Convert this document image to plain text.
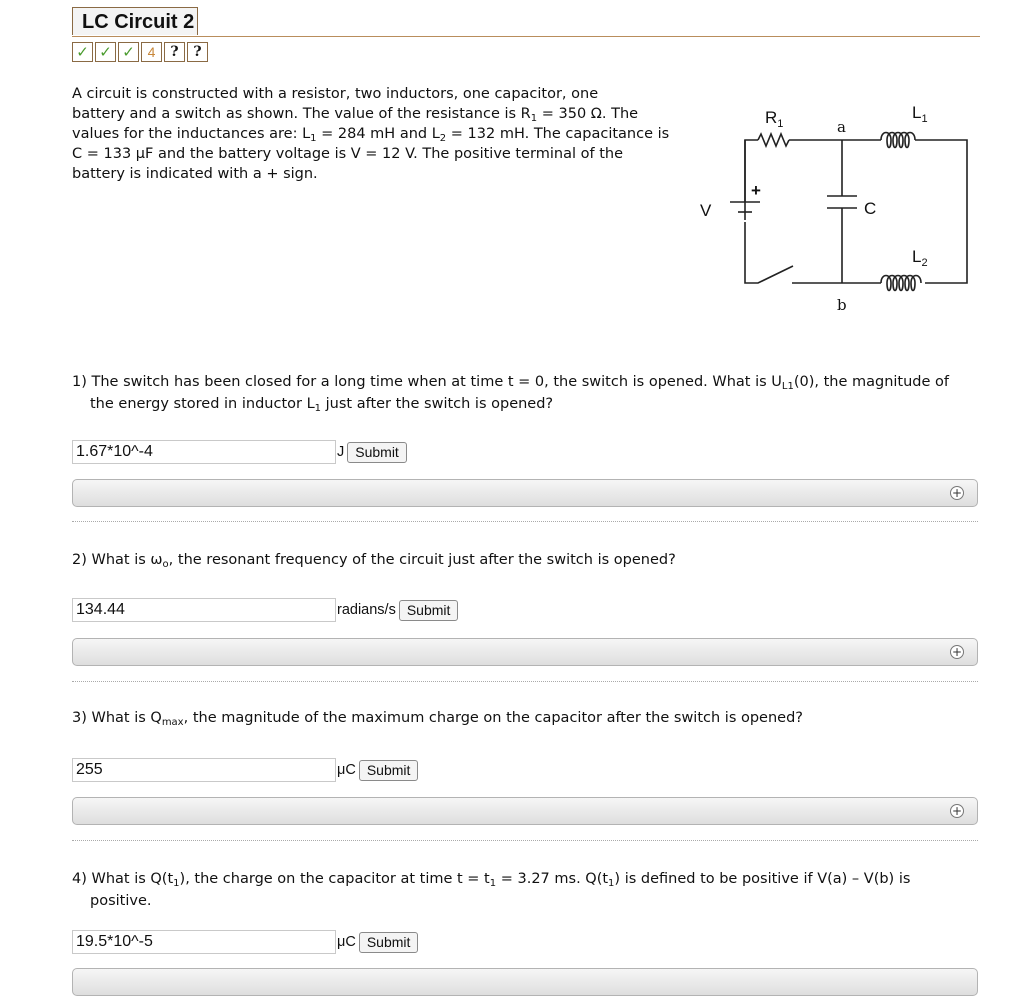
LC Circuit 2
✓ ✓ ✓ 4	?	?
A circuit is constructed with a resistor, two inductors, one capacitor, one
battery and a switch as shown. The value of the resistance is $R_1 = 350$ Ω. The
values for the inductances are: $L_1 = 284$ mH and $L_2 = 132$ mH. The capacitance is
C = 133 μF and the battery voltage is V = 12 V. The positive terminal of the
battery is indicated with a + sign.
$R_1$
$L_1$
$L_2$
a
b
C
V
+
1) The switch has been closed for a long time when at time t = 0, the switch is opened. What is $U_{L1}(0)$, the magnitude of
the energy stored in inductor $L_1$ just after the switch is opened?
1.67*10^-4
J Submit
+
2) What is $\omega_o$, the resonant frequency of the circuit just after the switch is opened?
134.44
radians/s Submit
+
3) What is $Q_{max}$, the magnitude of the maximum charge on the capacitor after the switch is opened?
255
μC Submit
+
4) What is $Q(t_1)$, the charge on the capacitor at time $t = t_1 = 3.27$ ms. $Q(t_1)$ is defined to be positive if V(a) – V(b) is
positive.
19.5*10^-5
μC Submit
